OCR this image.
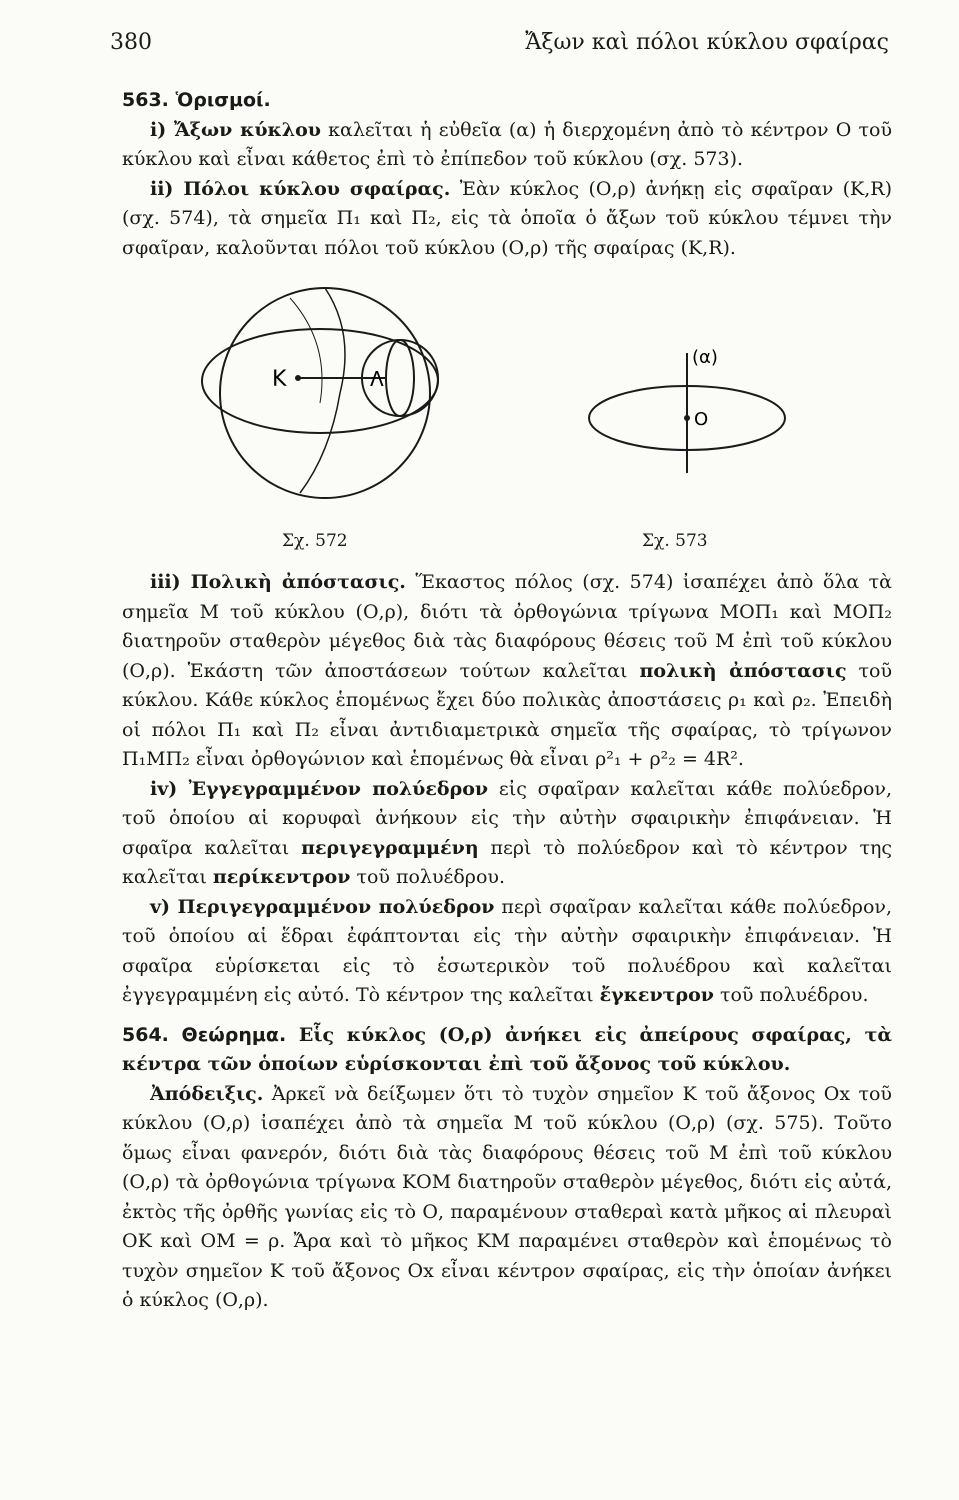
380	Ἄξων καὶ πόλοι κύκλου σφαίρας

563. Ὁρισμοί.

i) Ἄξων κύκλου καλεῖται ἡ εὐθεῖα (α) ἡ διερχομένη ἀπὸ τὸ κέντρον Ο τοῦ κύκλου καὶ εἶναι κάθετος ἐπὶ τὸ ἐπίπεδον τοῦ κύκλου (σχ. 573).

ii) Πόλοι κύκλου σφαίρας. Ἐὰν κύκλος (Ο,ρ) ἀνήκῃ εἰς σφαῖραν (Κ,R) (σχ. 574), τὰ σημεῖα Π₁ καὶ Π₂, εἰς τὰ ὁποῖα ὁ ἄξων τοῦ κύκλου τέμνει τὴν σφαῖραν, καλοῦνται πόλοι τοῦ κύκλου (Ο,ρ) τῆς σφαίρας (Κ,R).

Κ	Λ
(α)
O
Σχ. 572	Σχ. 573

iii) Πολικὴ ἀπόστασις. Ἕκαστος πόλος (σχ. 574) ἰσαπέχει ἀπὸ ὅλα τὰ σημεῖα Μ τοῦ κύκλου (Ο,ρ), διότι τὰ ὀρθογώνια τρίγωνα ΜΟΠ₁ καὶ ΜΟΠ₂ διατηροῦν σταθερὸν μέγεθος διὰ τὰς διαφόρους θέσεις τοῦ Μ ἐπὶ τοῦ κύκλου (Ο,ρ). Ἑκάστη τῶν ἀποστάσεων τούτων καλεῖται πολικὴ ἀπόστασις τοῦ κύκλου. Κάθε κύκλος ἑπομένως ἔχει δύο πολικὰς ἀποστάσεις ρ₁ καὶ ρ₂. Ἐπειδὴ οἱ πόλοι Π₁ καὶ Π₂ εἶναι ἀντιδιαμετρικὰ σημεῖα τῆς σφαίρας, τὸ τρίγωνον Π₁ΜΠ₂ εἶναι ὀρθογώνιον καὶ ἑπομένως θὰ εἶναι ρ²₁ + ρ²₂ = 4R².

iv) Ἐγγεγραμμένον πολύεδρον εἰς σφαῖραν καλεῖται κάθε πολύεδρον, τοῦ ὁποίου αἱ κορυφαὶ ἀνήκουν εἰς τὴν αὐτὴν σφαιρικὴν ἐπιφάνειαν. Ἡ σφαῖρα καλεῖται περιγεγραμμένη περὶ τὸ πολύεδρον καὶ τὸ κέντρον της καλεῖται περίκεντρον τοῦ πολυέδρου.

v) Περιγεγραμμένον πολύεδρον περὶ σφαῖραν καλεῖται κάθε πολύεδρον, τοῦ ὁποίου αἱ ἕδραι ἐφάπτονται εἰς τὴν αὐτὴν σφαιρικὴν ἐπιφάνειαν. Ἡ σφαῖρα εὑρίσκεται εἰς τὸ ἐσωτερικὸν τοῦ πολυέδρου καὶ καλεῖται ἐγγεγραμμένη εἰς αὐτό. Τὸ κέντρον της καλεῖται ἔγκεντρον τοῦ πολυέδρου.

564. Θεώρημα. Εἷς κύκλος (Ο,ρ) ἀνήκει εἰς ἀπείρους σφαίρας, τὰ κέντρα τῶν ὁποίων εὑρίσκονται ἐπὶ τοῦ ἄξονος τοῦ κύκλου.

Ἀπόδειξις. Ἀρκεῖ νὰ δείξωμεν ὅτι τὸ τυχὸν σημεῖον Κ τοῦ ἄξονος Οx τοῦ κύκλου (Ο,ρ) ἰσαπέχει ἀπὸ τὰ σημεῖα Μ τοῦ κύκλου (Ο,ρ) (σχ. 575). Τοῦτο ὅμως εἶναι φανερόν, διότι διὰ τὰς διαφόρους θέσεις τοῦ Μ ἐπὶ τοῦ κύκλου (Ο,ρ) τὰ ὀρθογώνια τρίγωνα ΚΟΜ διατηροῦν σταθερὸν μέγεθος, διότι εἰς αὐτά, ἐκτὸς τῆς ὀρθῆς γωνίας εἰς τὸ Ο, παραμένουν σταθεραὶ κατὰ μῆκος αἱ πλευραὶ ΟΚ καὶ ΟΜ = ρ. Ἄρα καὶ τὸ μῆκος ΚΜ παραμένει σταθερὸν καὶ ἑπομένως τὸ τυχὸν σημεῖον Κ τοῦ ἄξονος Οx εἶναι κέντρον σφαίρας, εἰς τὴν ὁποίαν ἀνήκει ὁ κύκλος (Ο,ρ).
